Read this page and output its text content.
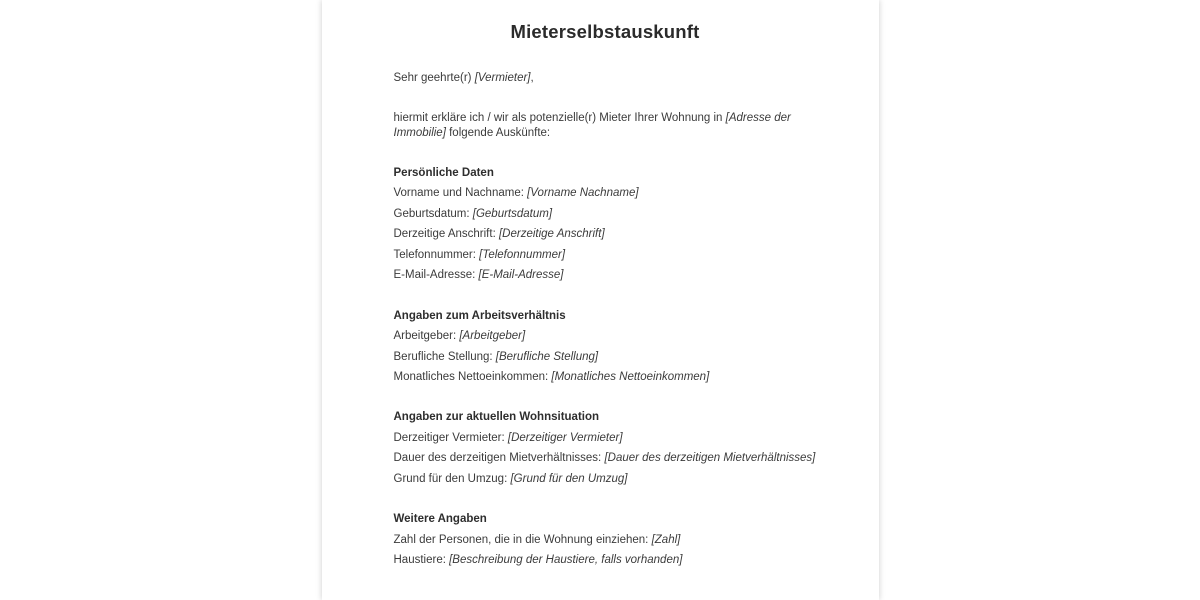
Mieterselbstauskunft

Sehr geehrte(r) [Vermieter],

hiermit erkläre ich / wir als potenzielle(r) Mieter Ihrer Wohnung in [Adresse der Immobilie] folgende Auskünfte:

Persönliche Daten

Vorname und Nachname: [Vorname Nachname]

Geburtsdatum: [Geburtsdatum]

Derzeitige Anschrift: [Derzeitige Anschrift]

Telefonnummer: [Telefonnummer]

E-Mail-Adresse: [E-Mail-Adresse]

Angaben zum Arbeitsverhältnis

Arbeitgeber: [Arbeitgeber]

Berufliche Stellung: [Berufliche Stellung]

Monatliches Nettoeinkommen: [Monatliches Nettoeinkommen]

Angaben zur aktuellen Wohnsituation

Derzeitiger Vermieter: [Derzeitiger Vermieter]

Dauer des derzeitigen Mietverhältnisses: [Dauer des derzeitigen Mietverhältnisses]

Grund für den Umzug: [Grund für den Umzug]

Weitere Angaben

Zahl der Personen, die in die Wohnung einziehen: [Zahl]

Haustiere: [Beschreibung der Haustiere, falls vorhanden]
